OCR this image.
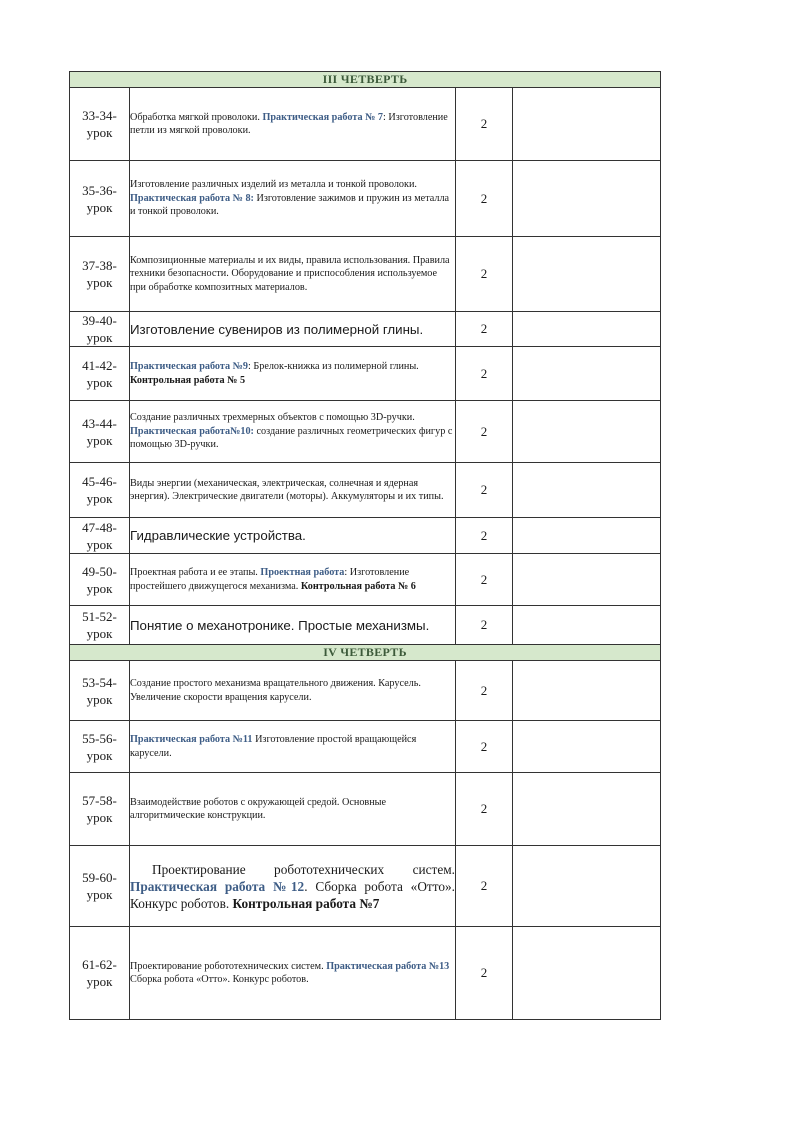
III ЧЕТВЕРТЬ			
33-34-урок	Обработка мягкой проволоки. Практическая работа № 7: Изготовление петли из мягкой проволоки.	2	
35-36-урок	Изготовление различных изделий из металла и тонкой проволоки. Практическая работа № 8: Изготовление зажимов и пружин из металла и тонкой проволоки.	2	
37-38-урок	Композиционные материалы и их виды, правила использования. Правила техники безопасности. Оборудование и приспособления используемое при обработке композитных материалов.	2	
39-40-урок	Изготовление сувениров из полимерной глины.	2	
41-42-урок	Практическая работа №9: Брелок-книжка из полимерной глины. Контрольная работа № 5	2	
43-44-урок	Создание различных трехмерных объектов с помощью 3D-ручки. Практическая работа№10: создание различных геометрических фигур с помощью 3D-ручки.	2	
45-46-урок	Виды энергии (механическая, электрическая, солнечная и ядерная энергия). Электрические двигатели (моторы). Аккумуляторы и их типы.	2	
47-48-урок	Гидравлические устройства.	2	
49-50-урок	Проектная работа и ее этапы. Проектная работа: Изготовление простейшего движущегося механизма. Контрольная работа № 6	2	
51-52-урок	Понятие о механотронике. Простые механизмы.	2	
IV ЧЕТВЕРТЬ			
53-54-урок	Создание простого механизма вращательного движения. Карусель. Увеличение скорости вращения карусели.	2	
55-56-урок	Практическая работа №11 Изготовление простой вращающейся карусели.	2	
57-58-урок	Взаимодействие роботов с окружающей средой. Основные алгоритмические конструкции.	2	
59-60-урок	Проектирование робототехнических систем. Практическая работа №12. Сборка робота «Отто». Конкурс роботов. Контрольная работа №7	2	
61-62-урок	Проектирование робототехнических систем. Практическая работа №13 Сборка робота «Отто». Конкурс роботов.	2	
